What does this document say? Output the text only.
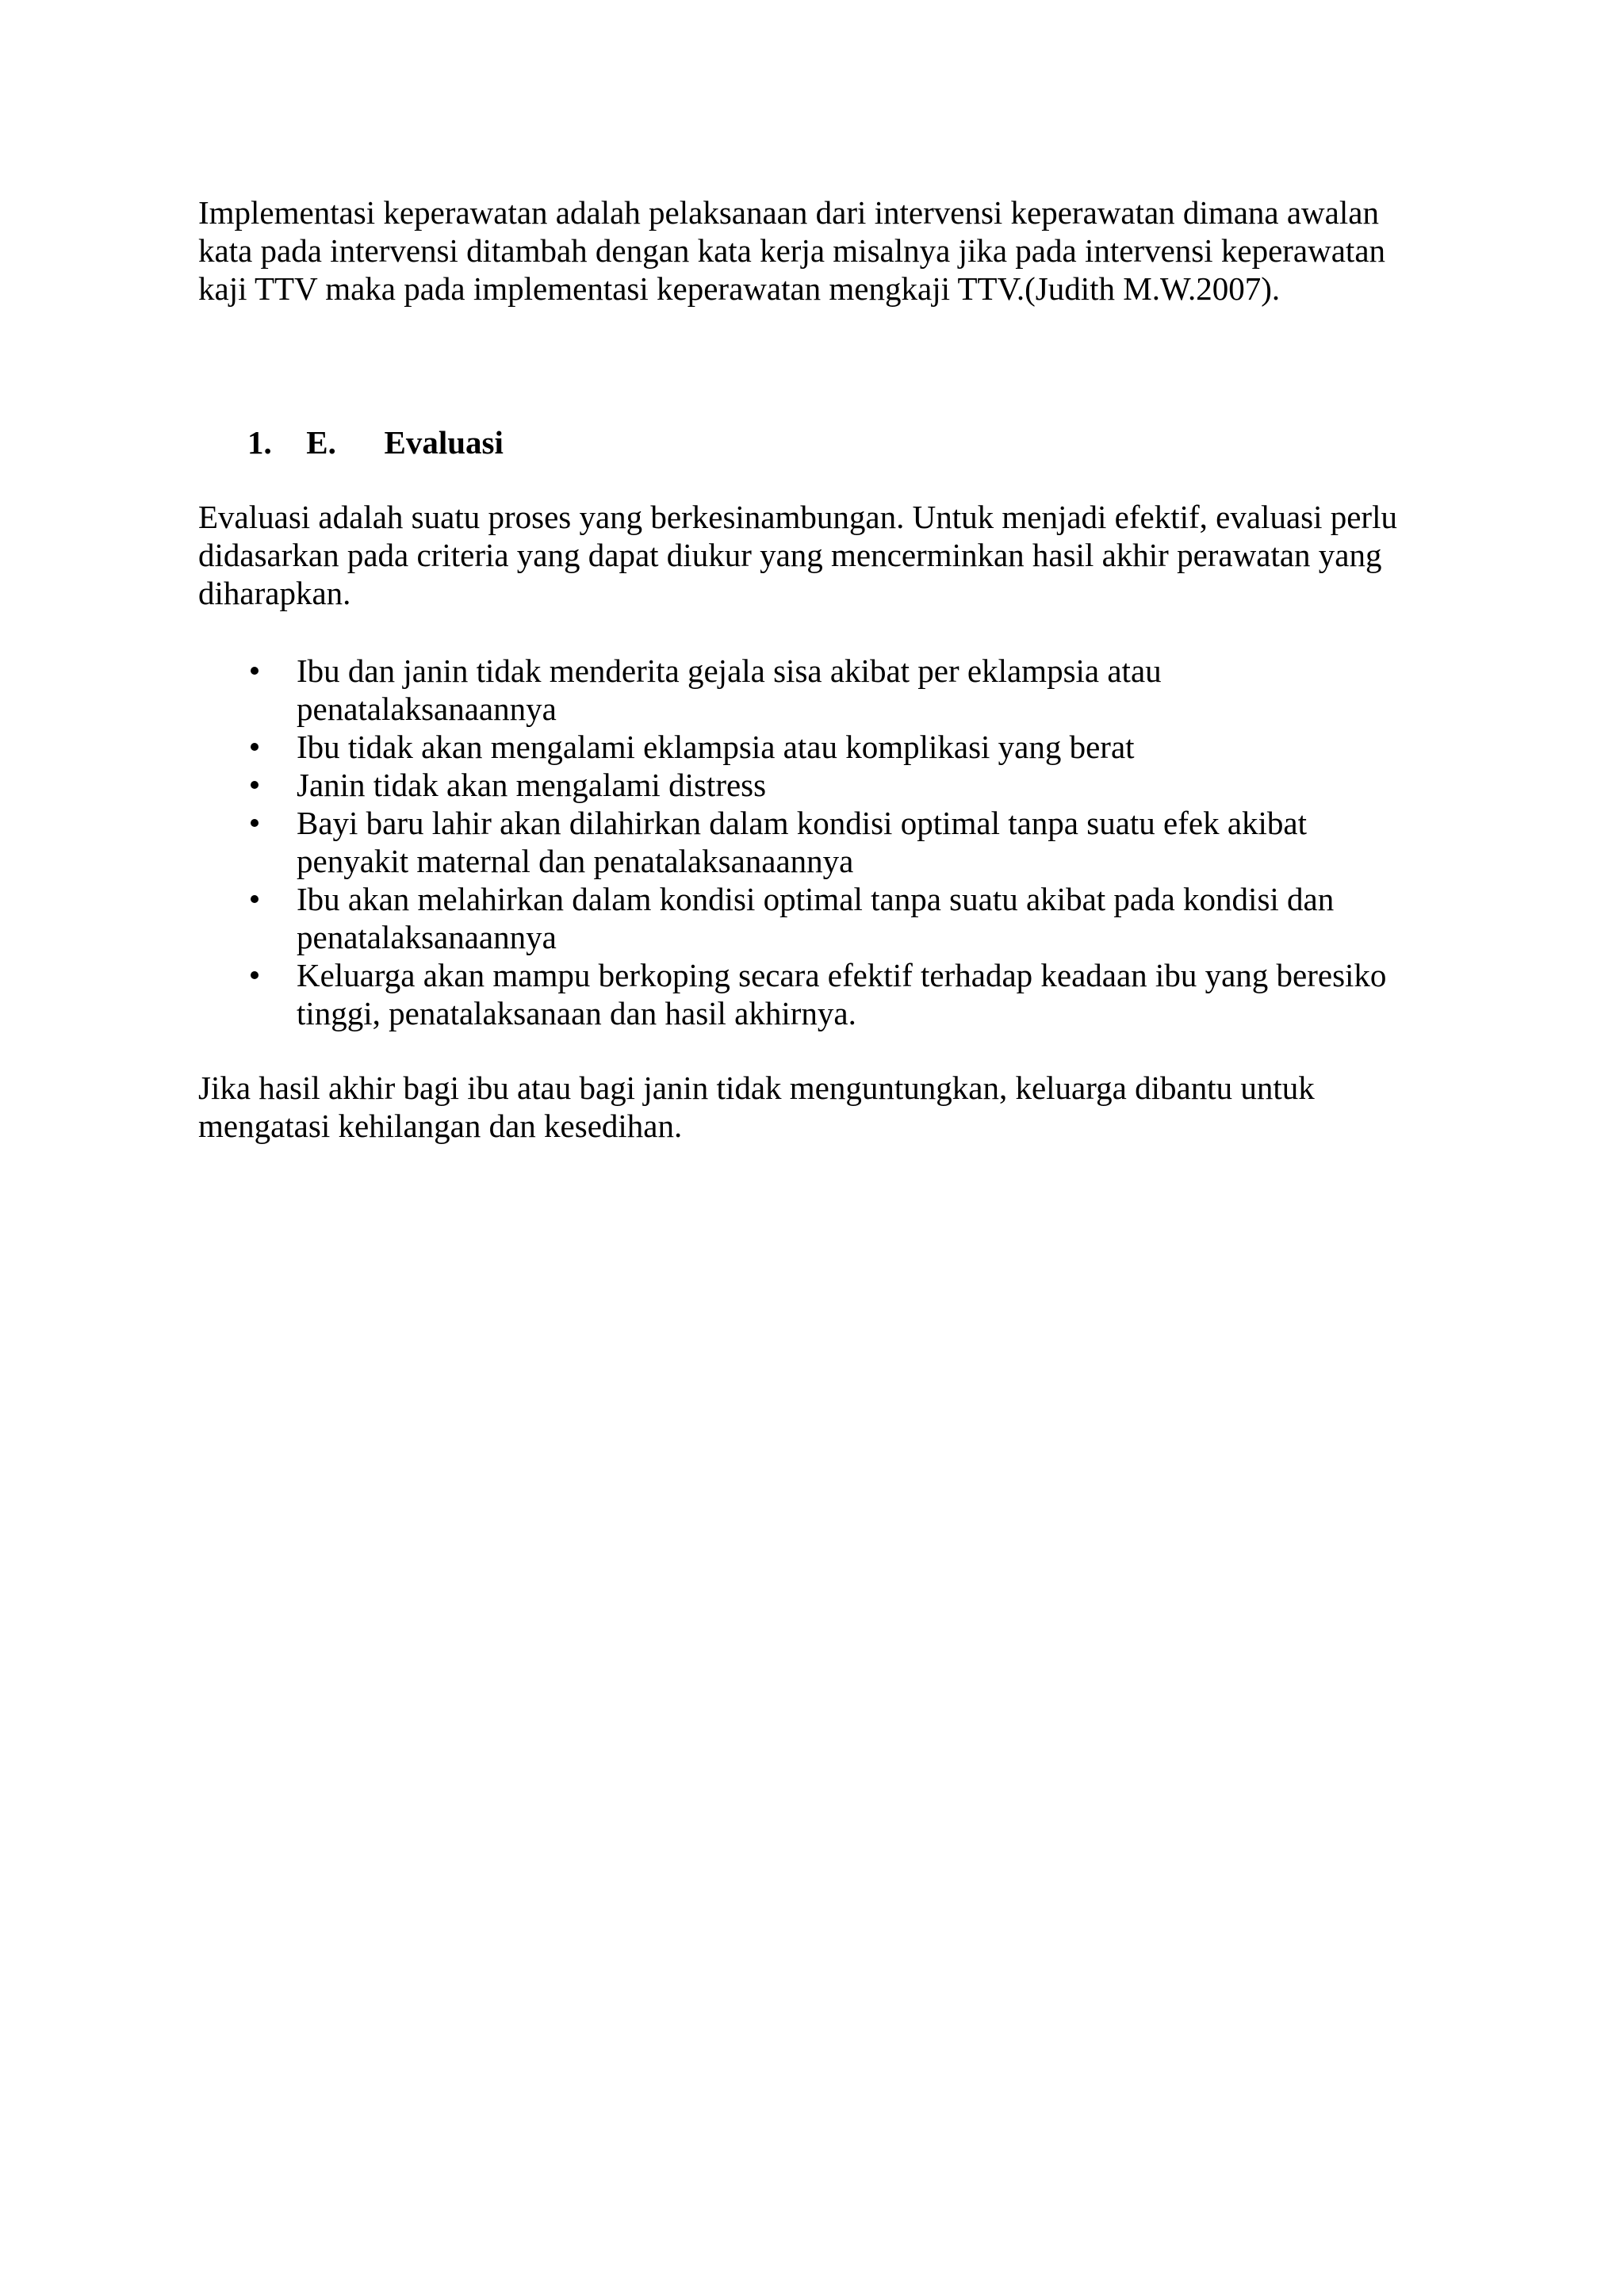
Implementasi keperawatan adalah pelaksanaan dari intervensi keperawatan dimana awalan
kata pada intervensi ditambah dengan kata kerja misalnya jika pada intervensi keperawatan
kaji TTV maka pada implementasi keperawatan mengkaji TTV.(Judith M.W.2007).

1. E. Evaluasi

Evaluasi adalah suatu proses yang berkesinambungan. Untuk menjadi efektif, evaluasi perlu
didasarkan pada criteria yang dapat diukur yang mencerminkan hasil akhir perawatan yang
diharapkan.

Ibu dan janin tidak menderita gejala sisa akibat per eklampsia atau
penatalaksanaannya
Ibu tidak akan mengalami eklampsia atau komplikasi yang berat
Janin tidak akan mengalami distress
Bayi baru lahir akan dilahirkan dalam kondisi optimal tanpa suatu efek akibat
penyakit maternal dan penatalaksanaannya
Ibu akan melahirkan dalam kondisi optimal tanpa suatu akibat pada kondisi dan
penatalaksanaannya
Keluarga akan mampu berkoping secara efektif terhadap keadaan ibu yang beresiko
tinggi, penatalaksanaan dan hasil akhirnya.

Jika hasil akhir bagi ibu atau bagi janin tidak menguntungkan, keluarga dibantu untuk
mengatasi kehilangan dan kesedihan.
